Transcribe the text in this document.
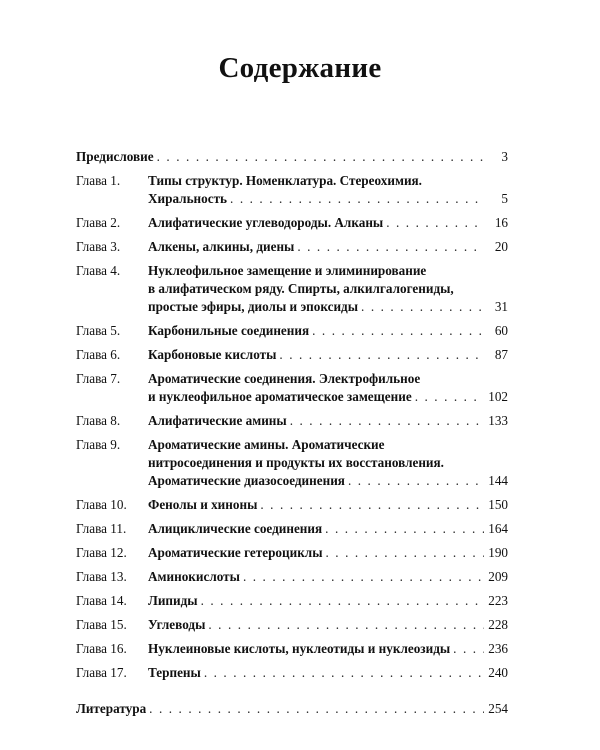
Содержание
Предисловие . . .	3
Глава 1.	Типы структур. Номенклатура. Стереохимия.
Хиральность . . .	5
Глава 2.	Алифатические углеводороды. Алканы . . .	16
Глава 3.	Алкены, алкины, диены . . .	20
Глава 4.	Нуклеофильное замещение и элиминирование
в алифатическом ряду. Спирты, алкилгалогениды,
простые эфиры, диолы и эпоксиды . . .	31
Глава 5.	Карбонильные соединения . . .	60
Глава 6.	Карбоновые кислоты . . .	87
Глава 7.	Ароматические соединения. Электрофильное
и нуклеофильное ароматическое замещение . . .	102
Глава 8.	Алифатические амины . . .	133
Глава 9.	Ароматические амины. Ароматические
нитросоединения и продукты их восстановления.
Ароматические диазосоединения . . .	144
Глава 10.	Фенолы и хиноны . . .	150
Глава 11.	Алициклические соединения . . .	164
Глава 12.	Ароматические гетероциклы . . .	190
Глава 13.	Аминокислоты . . .	209
Глава 14.	Липиды . . .	223
Глава 15.	Углеводы . . .	228
Глава 16.	Нуклеиновые кислоты, нуклеотиды и нуклеозиды . . .	236
Глава 17.	Терпены . . .	240
Литература . . .	254
